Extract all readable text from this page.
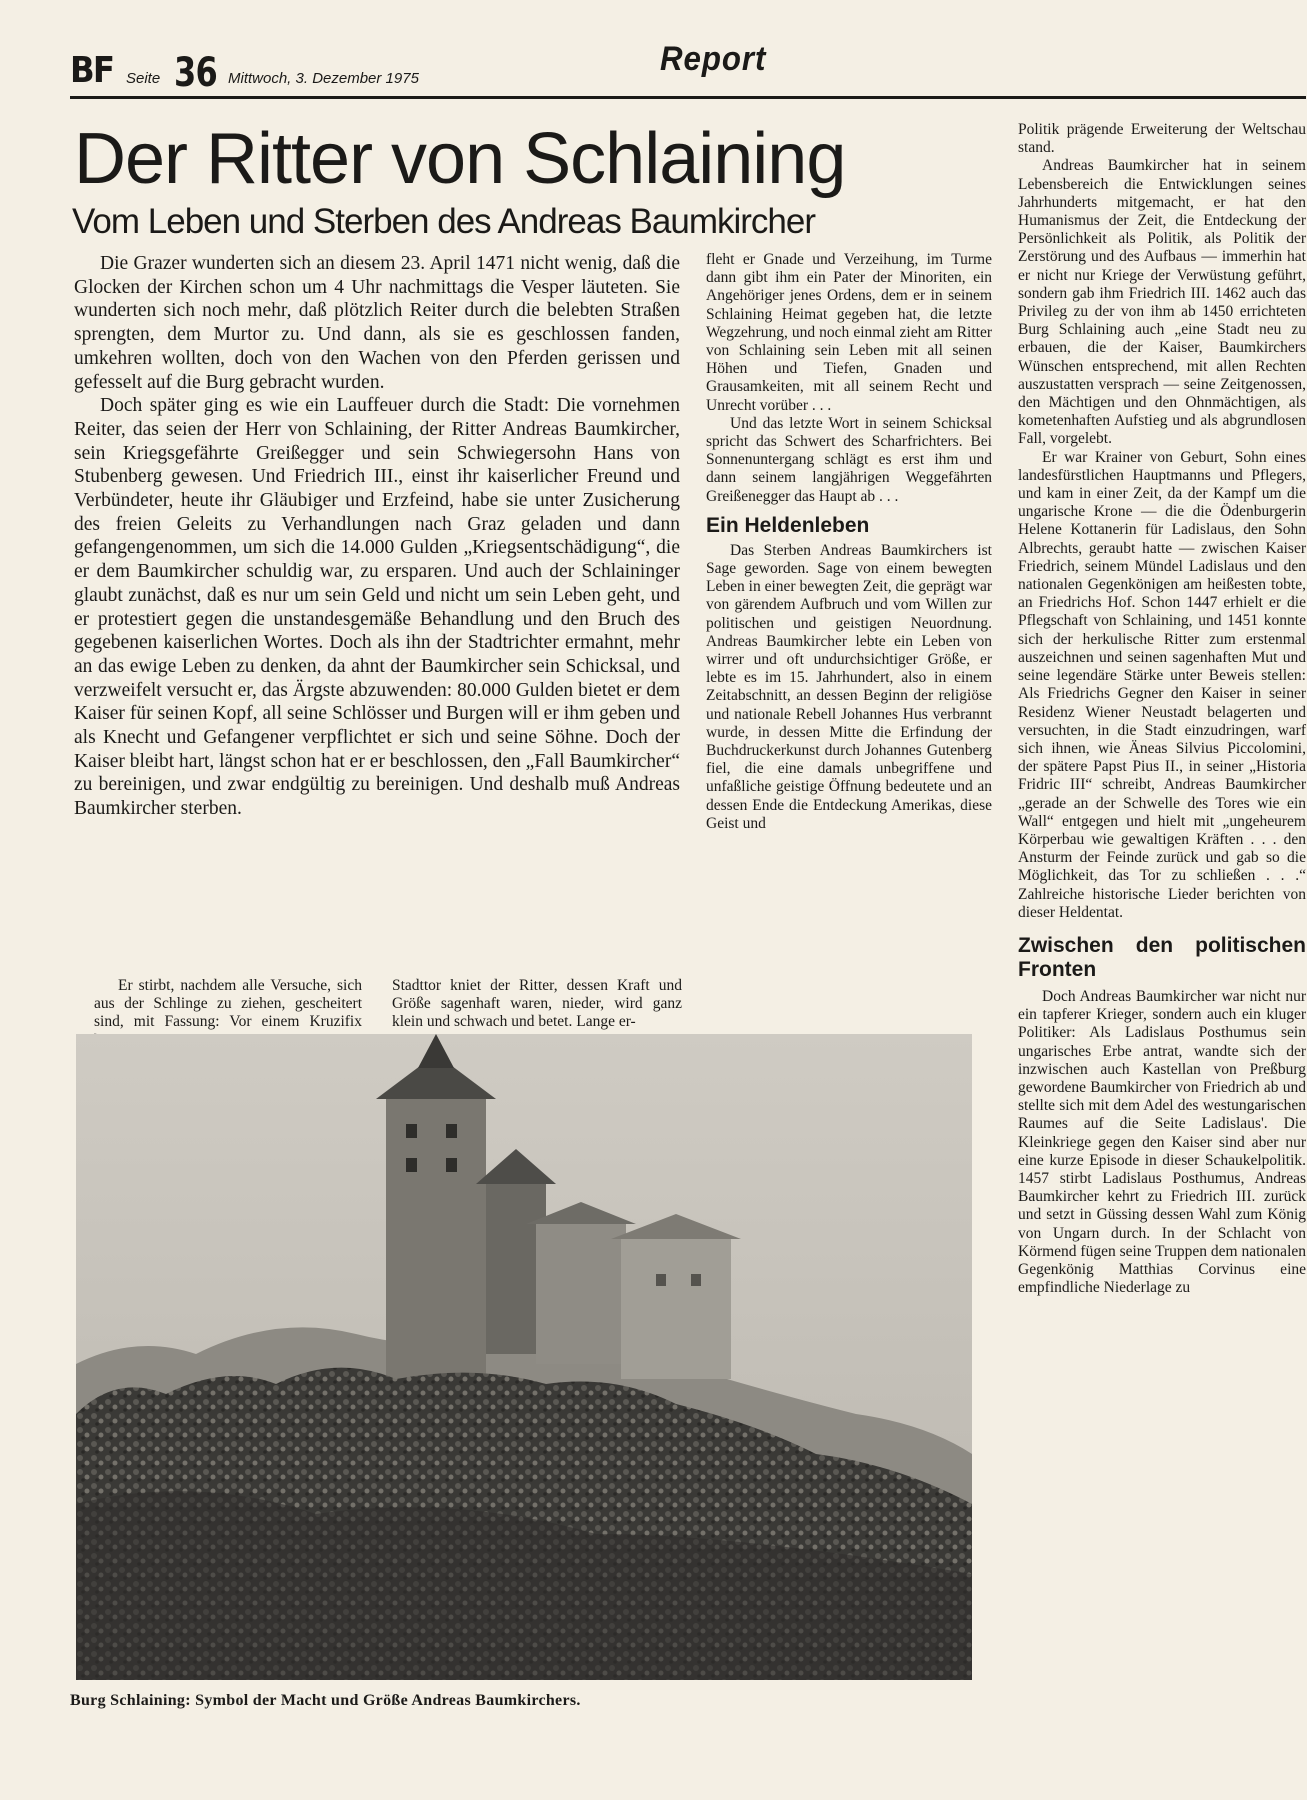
BF Seite 36 Mittwoch, 3. Dezember 1975
Report
Der Ritter von Schlaining
Vom Leben und Sterben des Andreas Baumkircher

Die Grazer wunderten sich an diesem 23. April 1471 nicht wenig, daß die Glocken der Kirchen schon um 4 Uhr nachmittags die Vesper läuteten. Sie wunderten sich noch mehr, daß plötzlich Reiter durch die belebten Straßen sprengten, dem Murtor zu. Und dann, als sie es geschlossen fanden, umkehren wollten, doch von den Wachen von den Pferden gerissen und gefesselt auf die Burg gebracht wurden.

Doch später ging es wie ein Lauffeuer durch die Stadt: Die vornehmen Reiter, das seien der Herr von Schlaining, der Ritter Andreas Baumkircher, sein Kriegsgefährte Greißegger und sein Schwiegersohn Hans von Stubenberg gewesen. Und Friedrich III., einst ihr kaiserlicher Freund und Verbündeter, heute ihr Gläubiger und Erzfeind, habe sie unter Zusicherung des freien Geleits zu Verhandlungen nach Graz geladen und dann gefangengenommen, um sich die 14.000 Gulden „Kriegsentschädigung“, die er dem Baumkircher schuldig war, zu ersparen. Und auch der Schlaininger glaubt zunächst, daß es nur um sein Geld und nicht um sein Leben geht, und er protestiert gegen die unstandesgemäße Behandlung und den Bruch des gegebenen kaiserlichen Wortes. Doch als ihn der Stadtrichter ermahnt, mehr an das ewige Leben zu denken, da ahnt der Baumkircher sein Schicksal, und verzweifelt versucht er, das Ärgste abzuwenden: 80.000 Gulden bietet er dem Kaiser für seinen Kopf, all seine Schlösser und Burgen will er ihm geben und als Knecht und Gefangener verpflichtet er sich und seine Söhne. Doch der Kaiser bleibt hart, längst schon hat er er beschlossen, den „Fall Baumkircher“ zu bereinigen, und zwar endgültig zu bereinigen. Und deshalb muß Andreas Baumkircher sterben.

Er stirbt, nachdem alle Versuche, sich aus der Schlinge zu ziehen, gescheitert sind, mit Fassung: Vor einem Kruzifix

Stadttor kniet der Ritter, dessen Kraft und Größe sagenhaft waren, nieder, wird ganz klein und schwach und betet. Lange er-

fleht er Gnade und Verzeihung, im Turme dann gibt ihm ein Pater der Minoriten, ein Angehöriger jenes Ordens, dem er in seinem Schlaining Heimat gegeben hat, die letzte Wegzehrung, und noch einmal zieht am Ritter von Schlaining sein Leben mit all seinen Höhen und Tiefen, Gnaden und Grausamkeiten, mit all seinem Recht und Unrecht vorüber . . .

Und das letzte Wort in seinem Schicksal spricht das Schwert des Scharfrichters. Bei Sonnenuntergang schlägt es erst ihm und dann seinem langjährigen Weggefährten Greißenegger das Haupt ab . . .

Ein Heldenleben

Das Sterben Andreas Baumkirchers ist Sage geworden. Sage von einem bewegten Leben in einer bewegten Zeit, die geprägt war von gärendem Aufbruch und vom Willen zur politischen und geistigen Neuordnung. Andreas Baumkircher lebte ein Leben von wirrer und oft undurchsichtiger Größe, er lebte es im 15. Jahrhundert, also in einem Zeitabschnitt, an dessen Beginn der religiöse und nationale Rebell Johannes Hus verbrannt wurde, in dessen Mitte die Erfindung der Buchdruckerkunst durch Johannes Gutenberg fiel, die eine damals unbegriffene und unfaßliche geistige Öffnung bedeutete und an dessen Ende die Entdeckung Amerikas, diese Geist und

Politik prägende Erweiterung der Weltschau stand.

Andreas Baumkircher hat in seinem Lebensbereich die Entwicklungen seines Jahrhunderts mitgemacht, er hat den Humanismus der Zeit, die Entdeckung der Persönlichkeit als Politik, als Politik der Zerstörung und des Aufbaus — immerhin hat er nicht nur Kriege der Verwüstung geführt, sondern gab ihm Friedrich III. 1462 auch das Privileg zu der von ihm ab 1450 errichteten Burg Schlaining auch „eine Stadt neu zu erbauen, die der Kaiser, Baumkirchers Wünschen entsprechend, mit allen Rechten auszustatten versprach — seine Zeitgenossen, den Mächtigen und den Ohnmächtigen, als kometenhaften Aufstieg und als abgrundlosen Fall, vorgelebt.

Er war Krainer von Geburt, Sohn eines landesfürstlichen Hauptmanns und Pflegers, und kam in einer Zeit, da der Kampf um die ungarische Krone — die die Ödenburgerin Helene Kottanerin für Ladislaus, den Sohn Albrechts, geraubt hatte — zwischen Kaiser Friedrich, seinem Mündel Ladislaus und den nationalen Gegenkönigen am heißesten tobte, an Friedrichs Hof. Schon 1447 erhielt er die Pflegschaft von Schlaining, und 1451 konnte sich der herkulische Ritter zum erstenmal auszeichnen und seinen sagenhaften Mut und seine legendäre Stärke unter Beweis stellen: Als Friedrichs Gegner den Kaiser in seiner Residenz Wiener Neustadt belagerten und versuchten, in die Stadt einzudringen, warf sich ihnen, wie Äneas Silvius Piccolomini, der spätere Papst Pius II., in seiner „Historia Fridric III“ schreibt, Andreas Baumkircher „gerade an der Schwelle des Tores wie ein Wall“ entgegen und hielt mit „ungeheurem Körperbau wie gewaltigen Kräften . . . den Ansturm der Feinde zurück und gab so die Möglichkeit, das Tor zu schließen . . .“ Zahlreiche historische Lieder berichten von dieser Heldentat.

Zwischen den politischen Fronten

Doch Andreas Baumkircher war nicht nur ein tapferer Krieger, sondern auch ein kluger Politiker: Als Ladislaus Posthumus sein ungarisches Erbe antrat, wandte sich der inzwischen auch Kastellan von Preßburg gewordene Baumkircher von Friedrich ab und stellte sich mit dem Adel des westungarischen Raumes auf die Seite Ladislaus'. Die Kleinkriege gegen den Kaiser sind aber nur eine kurze Episode in dieser Schaukelpolitik. 1457 stirbt Ladislaus Posthumus, Andreas Baumkircher kehrt zu Friedrich III. zurück und setzt in Güssing dessen Wahl zum König von Ungarn durch. In der Schlacht von Körmend fügen seine Truppen dem nationalen Gegenkönig Matthias Corvinus eine empfindliche Niederlage zu

Burg Schlaining: Symbol der Macht und Größe Andreas Baumkirchers.
